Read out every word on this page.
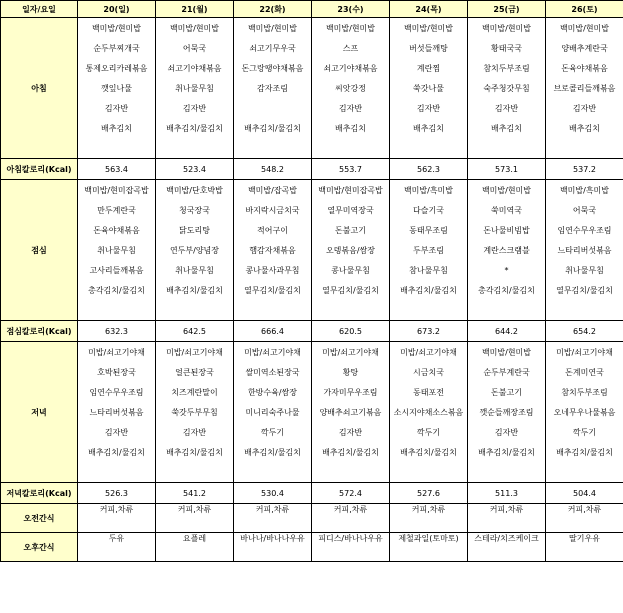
일자/요일	20(일)	21(월)	22(화)	23(수)	24(목)	25(금)	26(토)
아침	백미밥/현미밥	백미밥/현미밥	백미밥/현미밥	백미밥/현미밥	백미밥/현미밥	백미밥/현미밥	백미밥/현미밥
	순두부찌개국	어묵국	쇠고기무우국	스프	버섯들깨탕	황태국국	양배추계란국
	통제오리카레볶음	쇠고기야채볶음	돈그랑땡야채볶음	쇠고기야채볶음	계란찜	참치두부조림	돈육야채볶음
	깻잎나물	취나물무침	감자조림	씨앗강정	쑥갓나물	숙주청갓무침	브로콜리들깨볶음
	김자반	김자반		김자반	김자반	김자반	김자반
	배추김치	배추김치/물김치	배추김치/물김치	배추김치	배추김치	배추김치	배추김치

아침칼로리(Kcal)	563.4	523.4	548.2	553.7	562.3	573.1	537.2
점심	백미밥/현미잡곡밥	백미밥/단호박밥	백미밥/잡곡밥	백미밥/현미잡곡밥	백미밥/흑미밥	백미밥/현미밥	백미밥/흑미밥
	만두계란국	청국장국	바지락시금치국	열무미역장국	다슬기국	쑥미역국	어묵국
	돈육야채볶음	닭도리탕	적어구이	돈불고기	동태무조림	돈나물비빔밥	임연수무우조림
	취나물무침	연두부/양념장	햄감자채볶음	오뎅볶음/쌈장	두부조림	계란스크램블	느타리버섯볶음
	고사리들깨볶음	취나물무침	콩나물사과무침	콩나물무침	참나물무침	*	취나물무침
	총각김치/물김치	배추김치/물김치	열무김치/물김치	열무김치/물김치	배추김치/물김치	총각김치/물김치	열무김치/물김치

점심칼로리(Kcal)	632.3	642.5	666.4	620.5	673.2	644.2	654.2
저녁	미밥/쇠고기야채	미밥/쇠고기야채	미밥/쇠고기야채	미밥/쇠고기야채	미밥/쇠고기야채	백미밥/현미밥	미밥/쇠고기야채
	호박된장국	얼큰된장국	쌀미역소된장국	황탕	시금치국	순두부계란국	돈계미연국
	임연수무우조림	치즈계란말이	한방수육/쌈장	가자미무우조림	동태포전	돈불고기	참치두부조림
	느타리버섯볶음	쑥갓두부무침	미니리숙주나물	양배추쇠고기볶음	소시지야채소스볶음	깻순들깨장조림	오네무우나물볶음
	김자반	김자반	깍두기	김자반	깍두기	김자반	깍두기
	배추김치/물김치	배추김치/물김치	배추김치/물김치	배추김치/물김치	배추김치/물김치	배추김치/물김치	배추김치/물김치

저녁칼로리(Kcal)	526.3	541.2	530.4	572.4	527.6	511.3	504.4
오전간식	커피,차류	커피,차류	커피,차류	커피,차류	커피,차류	커피,차류	커피,차류
오후간식	두유	요플레	바나나/바나나우유	피디스/바나나우유	제철과일(토마토)	스테라/치즈케이크	딸기우유
